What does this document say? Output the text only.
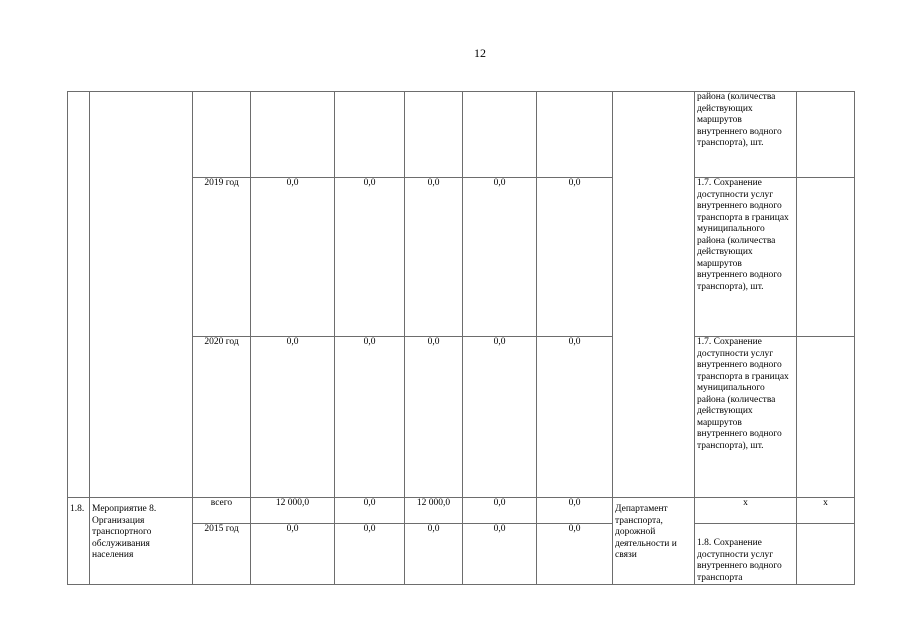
12
									района (количества действующих маршрутов внутреннего водного транспорта), шт.	
		2019 год	0,0	0,0	0,0	0,0	0,0		1.7. Сохранение доступности услуг внутреннего водного транспорта в границах муниципального района (количества действующих маршрутов внутреннего водного транспорта), шт.	
		2020 год	0,0	0,0	0,0	0,0	0,0		1.7. Сохранение доступности услуг внутреннего водного транспорта в границах муниципального района (количества действующих маршрутов внутреннего водного транспорта), шт.	
1.8.	Мероприятие 8. Организация транспортного обслуживания населения	всего	12 000,0	0,0	12 000,0	0,0	0,0	Департамент транспорта, дорожной деятельности и связи	х	х
		2015 год	0,0	0,0	0,0	0,0	0,0		1.8. Сохранение доступности услуг внутреннего водного транспорта	
